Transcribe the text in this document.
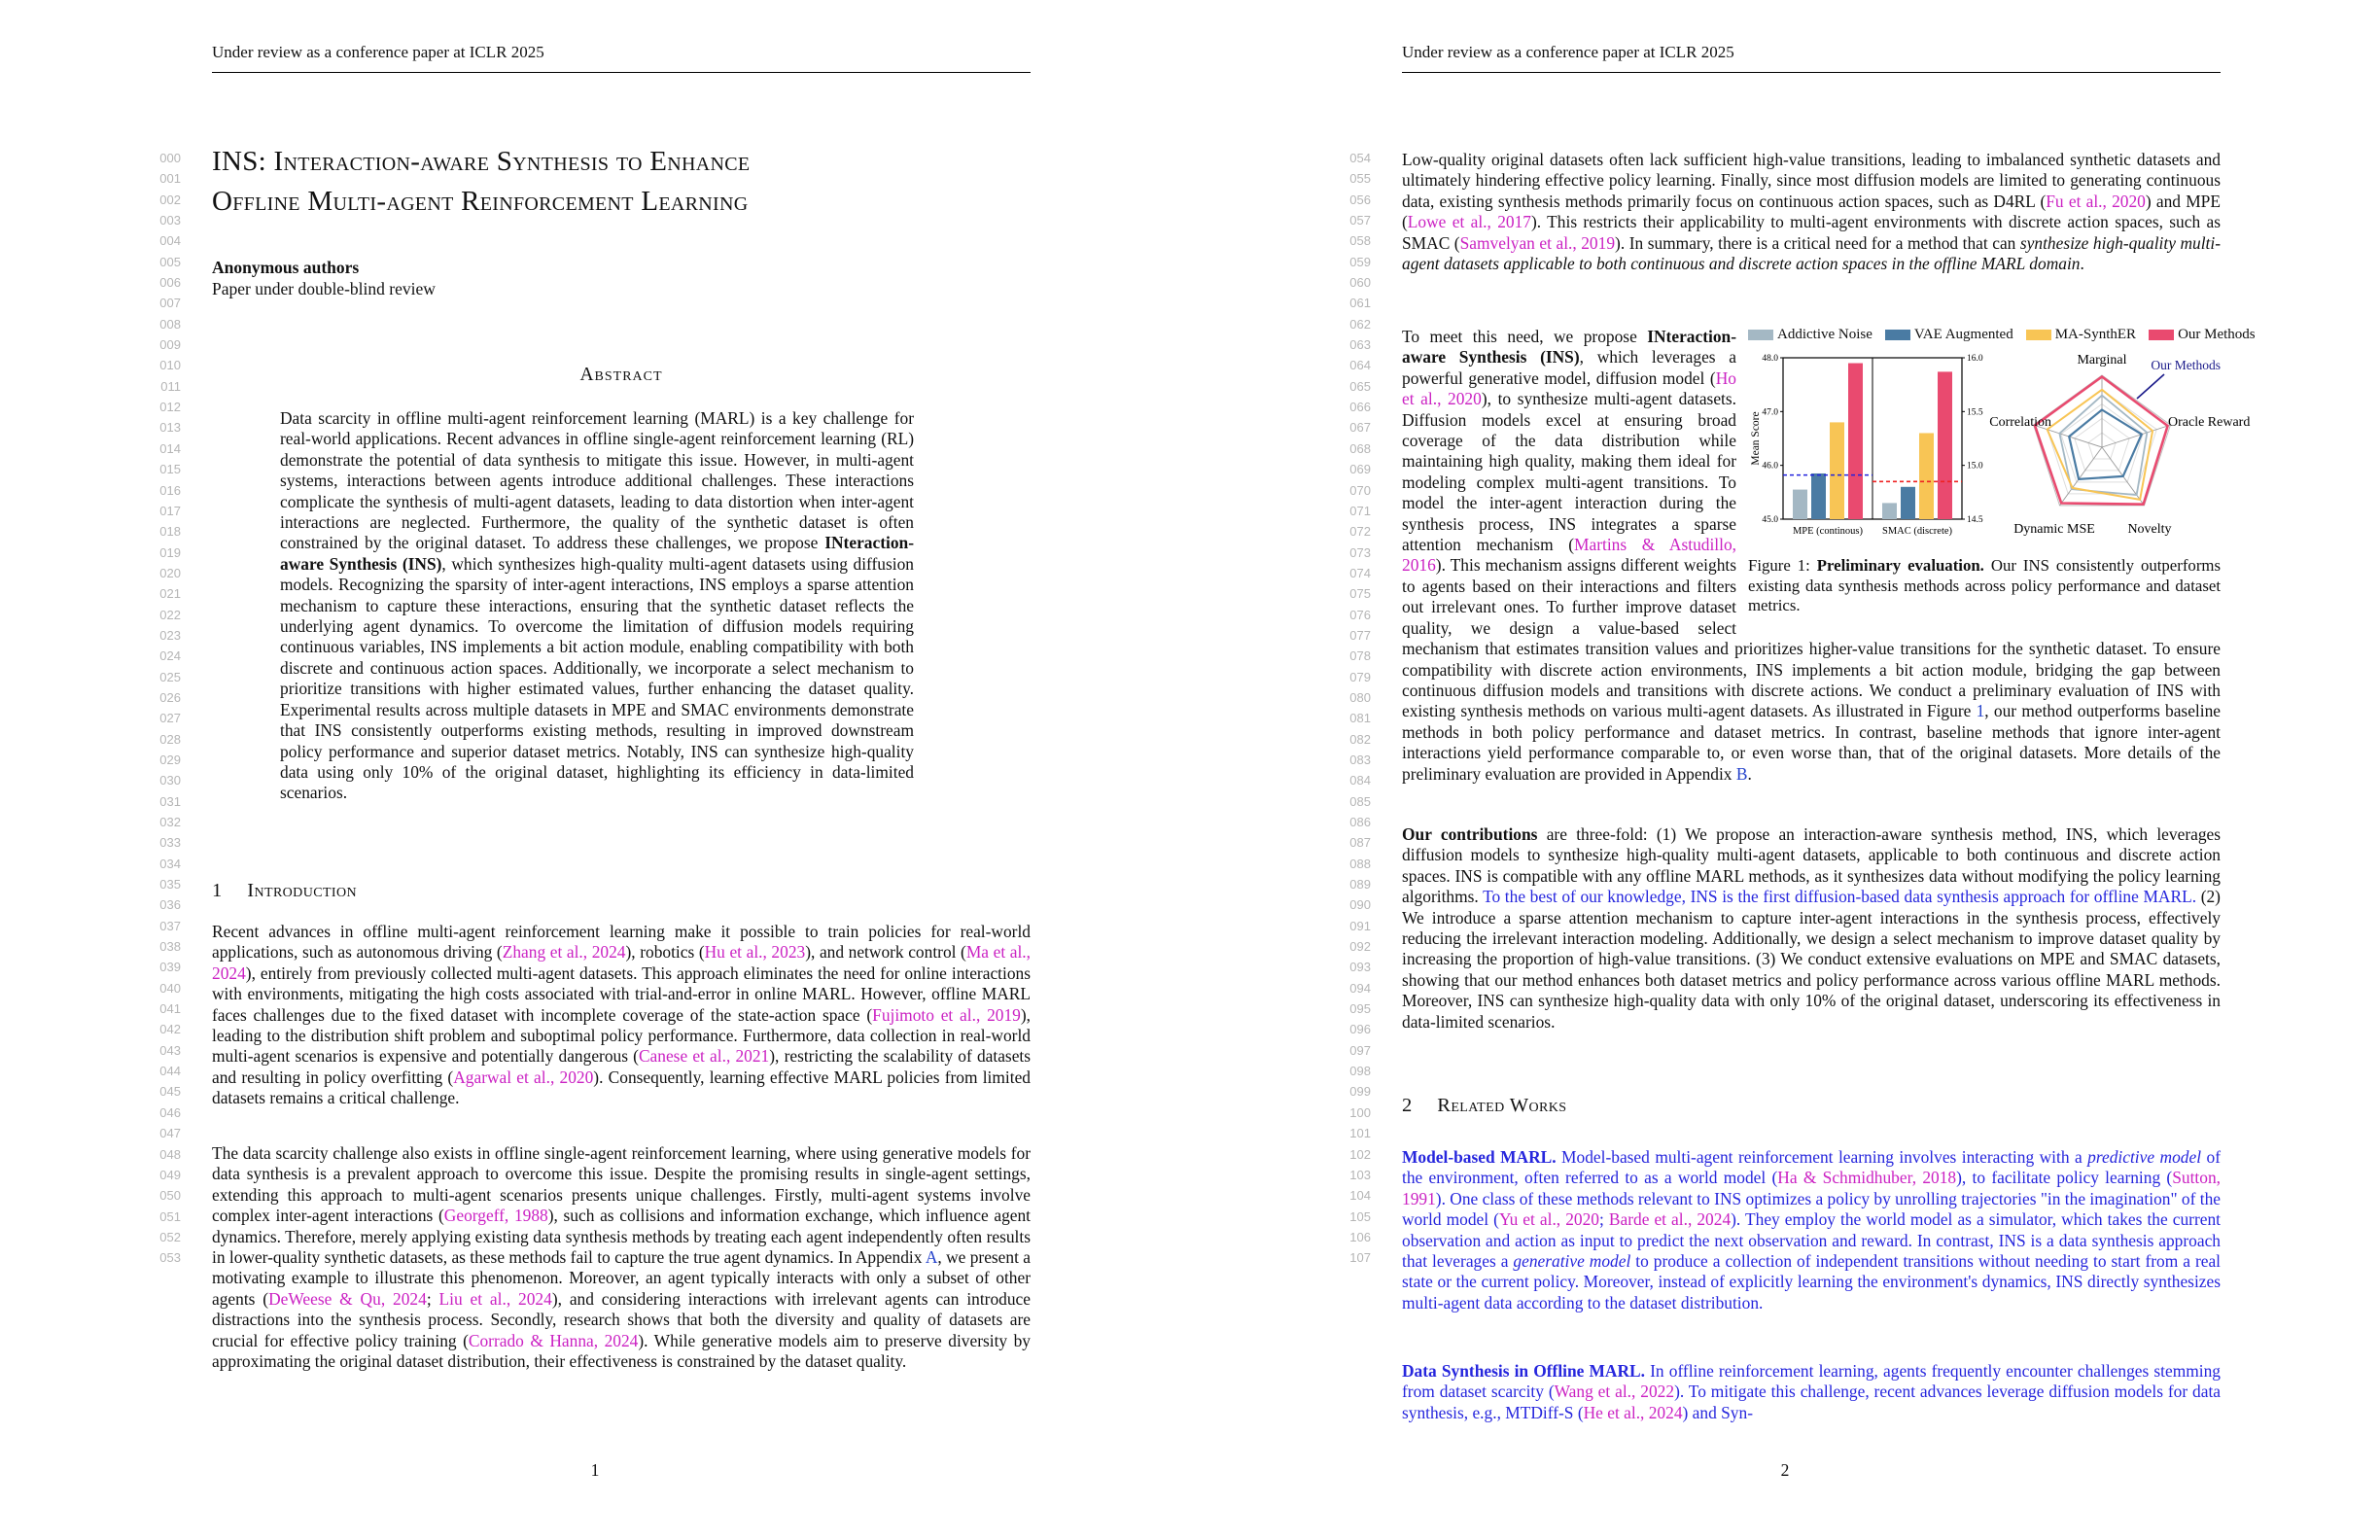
Under review as a conference paper at ICLR 2025
000
001
002
003
004
005
006
007
008
009
010
011
012
013
014
015
016
017
018
019
020
021
022
023
024
025
026
027
028
029
030
031
032
033
034
035
036
037
038
039
040
041
042
043
044
045
046
047
048
049
050
051
052
053
INS: Interaction-aware Synthesis to Enhance
Offline Multi-agent Reinforcement Learning
Anonymous authors
Paper under double-blind review
Abstract
Data scarcity in offline multi-agent reinforcement learning (MARL) is a key challenge for real-world applications. Recent advances in offline single-agent reinforcement learning (RL) demonstrate the potential of data synthesis to mitigate this issue. However, in multi-agent systems, interactions between agents introduce additional challenges. These interactions complicate the synthesis of multi-agent datasets, leading to data distortion when inter-agent interactions are neglected. Furthermore, the quality of the synthetic dataset is often constrained by the original dataset. To address these challenges, we propose INteraction-aware Synthesis (INS), which synthesizes high-quality multi-agent datasets using diffusion models. Recognizing the sparsity of inter-agent interactions, INS employs a sparse attention mechanism to capture these interactions, ensuring that the synthetic dataset reflects the underlying agent dynamics. To overcome the limitation of diffusion models requiring continuous variables, INS implements a bit action module, enabling compatibility with both discrete and continuous action spaces. Additionally, we incorporate a select mechanism to prioritize transitions with higher estimated values, further enhancing the dataset quality. Experimental results across multiple datasets in MPE and SMAC environments demonstrate that INS consistently outperforms existing methods, resulting in improved downstream policy performance and superior dataset metrics. Notably, INS can synthesize high-quality data using only 10% of the original dataset, highlighting its efficiency in data-limited scenarios.
1 Introduction

Recent advances in offline multi-agent reinforcement learning make it possible to train policies for real-world applications, such as autonomous driving (Zhang et al., 2024), robotics (Hu et al., 2023), and network control (Ma et al., 2024), entirely from previously collected multi-agent datasets. This approach eliminates the need for online interactions with environments, mitigating the high costs associated with trial-and-error in online MARL. However, offline MARL faces challenges due to the fixed dataset with incomplete coverage of the state-action space (Fujimoto et al., 2019), leading to the distribution shift problem and suboptimal policy performance. Furthermore, data collection in real-world multi-agent scenarios is expensive and potentially dangerous (Canese et al., 2021), restricting the scalability of datasets and resulting in policy overfitting (Agarwal et al., 2020). Consequently, learning effective MARL policies from limited datasets remains a critical challenge.

The data scarcity challenge also exists in offline single-agent reinforcement learning, where using generative models for data synthesis is a prevalent approach to overcome this issue. Despite the promising results in single-agent settings, extending this approach to multi-agent scenarios presents unique challenges. Firstly, multi-agent systems involve complex inter-agent interactions (Georgeff, 1988), such as collisions and information exchange, which influence agent dynamics. Therefore, merely applying existing data synthesis methods by treating each agent independently often results in lower-quality synthetic datasets, as these methods fail to capture the true agent dynamics. In Appendix A, we present a motivating example to illustrate this phenomenon. Moreover, an agent typically interacts with only a subset of other agents (DeWeese & Qu, 2024; Liu et al., 2024), and considering interactions with irrelevant agents can introduce distractions into the synthesis process. Secondly, research shows that both the diversity and quality of datasets are crucial for effective policy training (Corrado & Hanna, 2024). While generative models aim to preserve diversity by approximating the original dataset distribution, their effectiveness is constrained by the dataset quality.

1
Under review as a conference paper at ICLR 2025
054
055
056
057
058
059
060
061
062
063
064
065
066
067
068
069
070
071
072
073
074
075
076
077
078
079
080
081
082
083
084
085
086
087
088
089
090
091
092
093
094
095
096
097
098
099
100
101
102
103
104
105
106
107

Low-quality original datasets often lack sufficient high-value transitions, leading to imbalanced synthetic datasets and ultimately hindering effective policy learning. Finally, since most diffusion models are limited to generating continuous data, existing synthesis methods primarily focus on continuous action spaces, such as D4RL (Fu et al., 2020) and MPE (Lowe et al., 2017). This restricts their applicability to multi-agent environments with discrete action spaces, such as SMAC (Samvelyan et al., 2019). In summary, there is a critical need for a method that can synthesize high-quality multi-agent datasets applicable to both continuous and discrete action spaces in the offline MARL domain.

Addictive Noise	VAE Augmented	MA-SynthER	Our Methods
45.0
46.0
47.0
48.0
14.5
15.0
15.5
16.0
Mean Score
MPE (continous) SMAC (discrete)
Marginal
Oracle Reward
Novelty
Dynamic MSE
Correlation
Our Methods
Figure 1: Preliminary evaluation. Our INS consistently outperforms existing data synthesis methods across policy performance and dataset metrics.

To meet this need, we propose INteraction-aware Synthesis (INS), which leverages a powerful generative model, diffusion model (Ho et al., 2020), to synthesize multi-agent datasets. Diffusion models excel at ensuring broad coverage of the data distribution while maintaining high quality, making them ideal for modeling complex multi-agent transitions. To model the inter-agent interaction during the synthesis process, INS integrates a sparse attention mechanism (Martins & Astudillo, 2016). This mechanism assigns different weights to agents based on their interactions and filters out irrelevant ones. To further improve dataset quality, we design a value-based select mechanism that estimates transition values and prioritizes higher-value transitions for the synthetic dataset. To ensure compatibility with discrete action environments, INS implements a bit action module, bridging the gap between continuous diffusion models and transitions with discrete actions. We conduct a preliminary evaluation of INS with existing synthesis methods on various multi-agent datasets. As illustrated in Figure 1, our method outperforms baseline methods in both policy performance and dataset metrics. In contrast, baseline methods that ignore inter-agent interactions yield performance comparable to, or even worse than, that of the original datasets. More details of the preliminary evaluation are provided in Appendix B.

Our contributions are three-fold: (1) We propose an interaction-aware synthesis method, INS, which leverages diffusion models to synthesize high-quality multi-agent datasets, applicable to both continuous and discrete action spaces. INS is compatible with any offline MARL methods, as it synthesizes data without modifying the policy learning algorithms. To the best of our knowledge, INS is the first diffusion-based data synthesis approach for offline MARL. (2) We introduce a sparse attention mechanism to capture inter-agent interactions in the synthesis process, effectively reducing the irrelevant interaction modeling. Additionally, we design a select mechanism to improve dataset quality by increasing the proportion of high-value transitions. (3) We conduct extensive evaluations on MPE and SMAC datasets, showing that our method enhances both dataset metrics and policy performance across various offline MARL methods. Moreover, INS can synthesize high-quality data with only 10% of the original dataset, underscoring its effectiveness in data-limited scenarios.

2 Related Works

Model-based MARL. Model-based multi-agent reinforcement learning involves interacting with a predictive model of the environment, often referred to as a world model (Ha & Schmidhuber, 2018), to facilitate policy learning (Sutton, 1991). One class of these methods relevant to INS optimizes a policy by unrolling trajectories "in the imagination" of the world model (Yu et al., 2020; Barde et al., 2024). They employ the world model as a simulator, which takes the current observation and action as input to predict the next observation and reward. In contrast, INS is a data synthesis approach that leverages a generative model to produce a collection of independent transitions without needing to start from a real state or the current policy. Moreover, instead of explicitly learning the environment's dynamics, INS directly synthesizes multi-agent data according to the dataset distribution.

Data Synthesis in Offline MARL. In offline reinforcement learning, agents frequently encounter challenges stemming from dataset scarcity (Wang et al., 2022). To mitigate this challenge, recent advances leverage diffusion models for data synthesis, e.g., MTDiff-S (He et al., 2024) and Syn-

2
